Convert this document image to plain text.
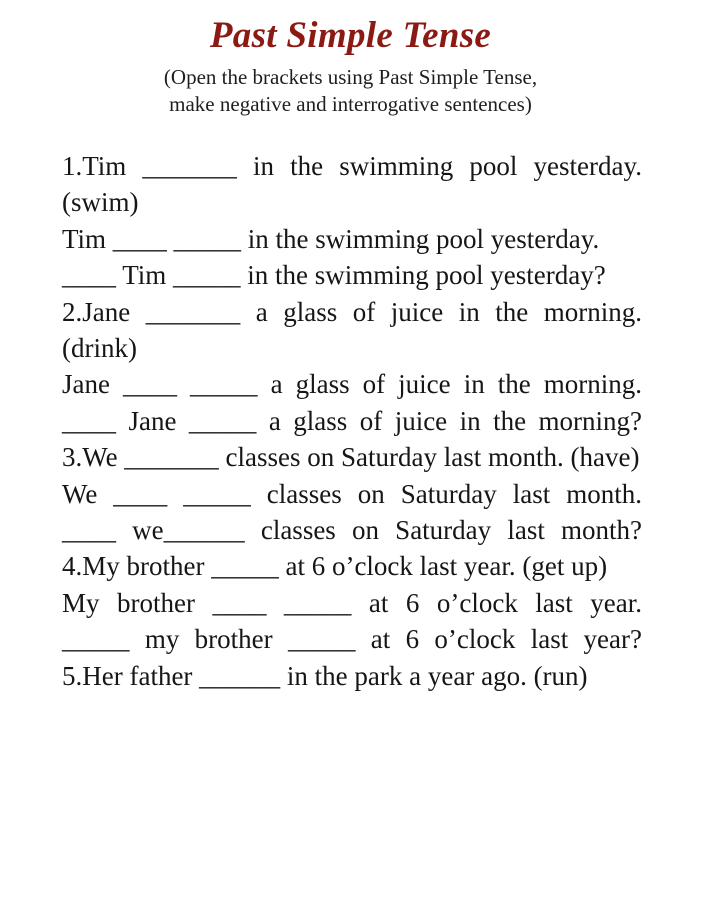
Past Simple Tense
(Open the brackets using Past Simple Tense,
make negative and interrogative sentences)
1.Tim _______ in the swimming pool yesterday. (swim)
Tim ____ _____ in the swimming pool yesterday.
____ Tim _____ in the swimming pool yesterday?
2.Jane _______ a glass of juice in the morning. (drink)
Jane ____ _____ a glass of juice in the morning.
____ Jane _____ a glass of juice in the morning?
3.We _______ classes on Saturday last month. (have)
We ____ _____ classes on Saturday last month.
____ we______ classes on Saturday last month?
4.My brother _____ at 6 o’clock last year. (get up)
My brother ____ _____ at 6 o’clock last year.
_____ my brother _____ at 6 o’clock last year?
5.Her father ______ in the park a year ago. (run)
